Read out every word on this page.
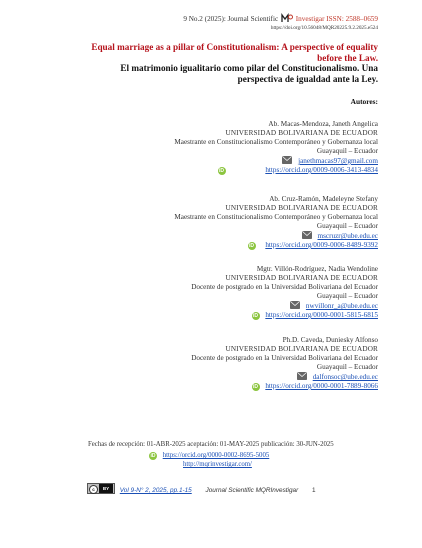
9 No.2 (2025): Journal Scientific Investigar ISSN: 2588–0659
https://doi.org/10.56048/MQR20225.9.2.2025.e524
Equal marriage as a pillar of Constitutionalism: A perspective of equality before the Law.
El matrimonio igualitario como pilar del Constitucionalismo. Una perspectiva de igualdad ante la Ley.
Autores:
Ab. Macas-Mendoza, Janeth Angelica
UNIVERSIDAD BOLIVARIANA DE ECUADOR
Maestrante en Constitucionalismo Contemporáneo y Gobernanza local
Guayaquil – Ecuador
janethmacas97@gmail.com
iD	https://orcid.org/0009-0006-3413-4834
Ab. Cruz-Ramón, Madeleyne Stefany
UNIVERSIDAD BOLIVARIANA DE ECUADOR
Maestrante en Constitucionalismo Contemporáneo y Gobernanza local
Guayaquil – Ecuador
mscruzr@ube.edu.ec
iD https://orcid.org/0009-0006-8489-9392
Mgtr. Villón-Rodríguez, Nadia Wendoline
UNIVERSIDAD BOLIVARIANA DE ECUADOR
Docente de postgrado en la Universidad Bolivariana del Ecuador
Guayaquil – Ecuador
nwvillonr_a@ube.edu.ec
iD https://orcid.org/0000-0001-5815-6815
Ph.D. Caveda, Duniesky Alfonso
UNIVERSIDAD BOLIVARIANA DE ECUADOR
Docente de postgrado en la Universidad Bolivariana del Ecuador
Guayaquil – Ecuador
dalfonsoc@ube.edu.ec
iD https://orcid.org/0000-0001-7889-8066
Fechas de recepción: 01-ABR-2025 aceptación: 01-MAY-2025 publicación: 30-JUN-2025
iD https://orcid.org/0000-0002-8695-5005
http://mqrinvestigar.com/
c	BY	Vol 9-N° 2, 2025, pp.1-15 Journal Scientific MQRInvestigar 1
